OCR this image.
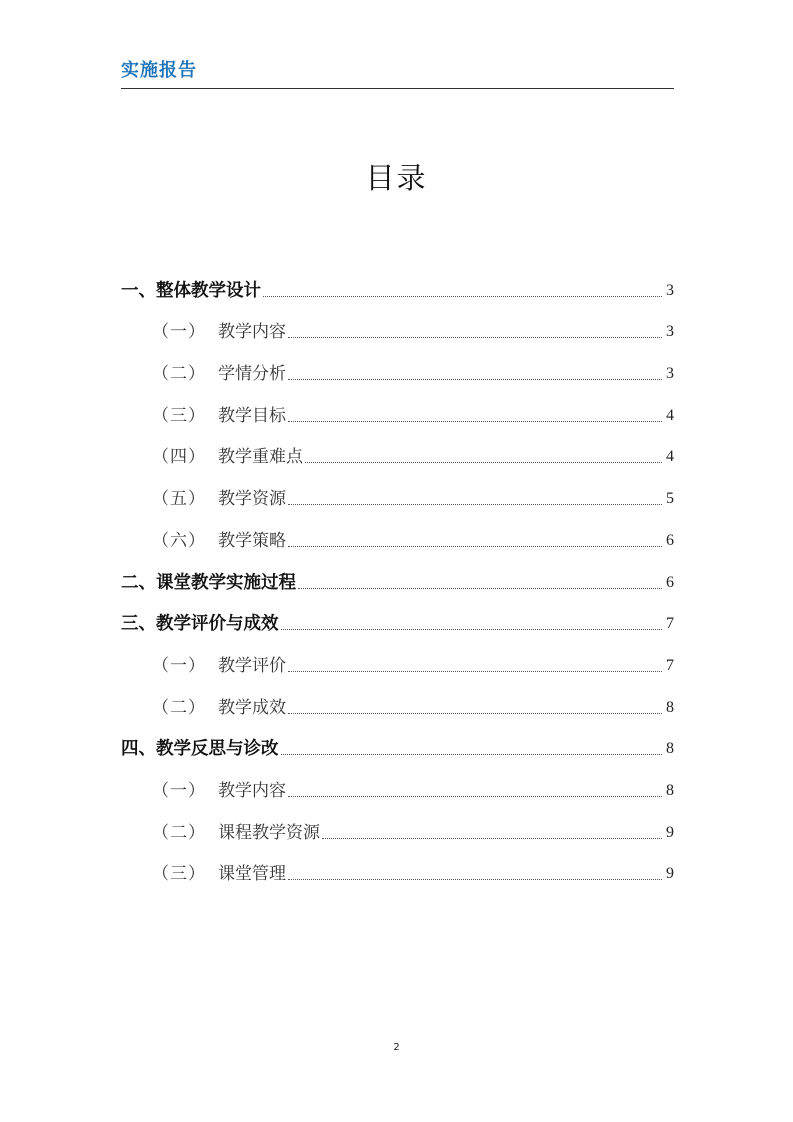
实施报告
目录
一、 整体教学设计	3
（一） 教学内容	3
（二） 学情分析	3
（三） 教学目标	4
（四） 教学重难点	4
（五） 教学资源	5
（六） 教学策略	6
二、 课堂教学实施过程	6
三、 教学评价与成效	7
（一） 教学评价	7
（二） 教学成效	8
四、 教学反思与诊改	8
（一） 教学内容	8
（二） 课程教学资源	9
（三） 课堂管理	9
2
